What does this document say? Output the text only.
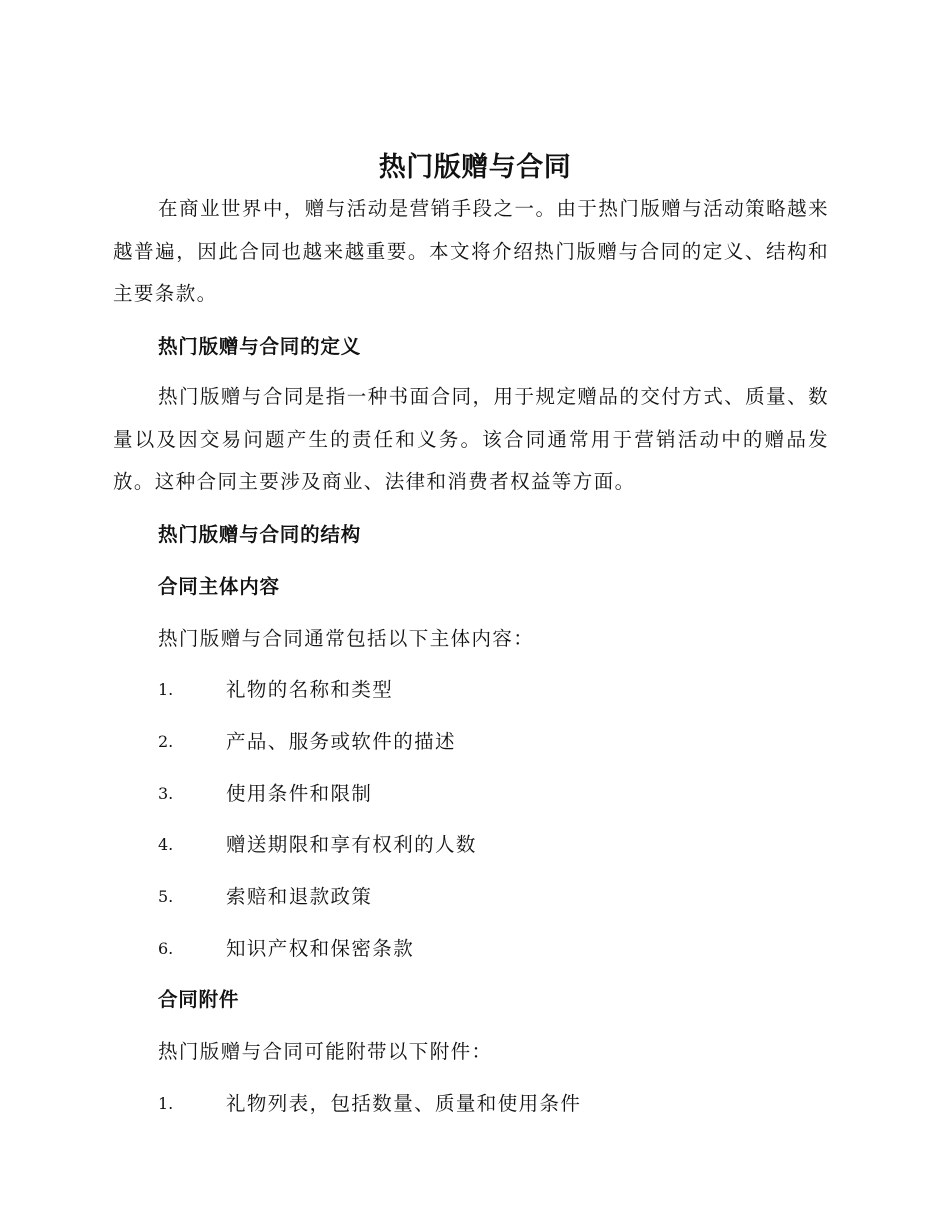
热门版赠与合同

在商业世界中，赠与活动是营销手段之一。由于热门版赠与活动策略越来越普遍，因此合同也越来越重要。本文将介绍热门版赠与合同的定义、结构和主要条款。

热门版赠与合同的定义

热门版赠与合同是指一种书面合同，用于规定赠品的交付方式、质量、数量以及因交易问题产生的责任和义务。该合同通常用于营销活动中的赠品发放。这种合同主要涉及商业、法律和消费者权益等方面。

热门版赠与合同的结构
合同主体内容
热门版赠与合同通常包括以下主体内容：
1.	礼物的名称和类型
2.	产品、服务或软件的描述
3.	使用条件和限制
4.	赠送期限和享有权利的人数
5.	索赔和退款政策
6.	知识产权和保密条款
合同附件
热门版赠与合同可能附带以下附件：
1.	礼物列表，包括数量、质量和使用条件
